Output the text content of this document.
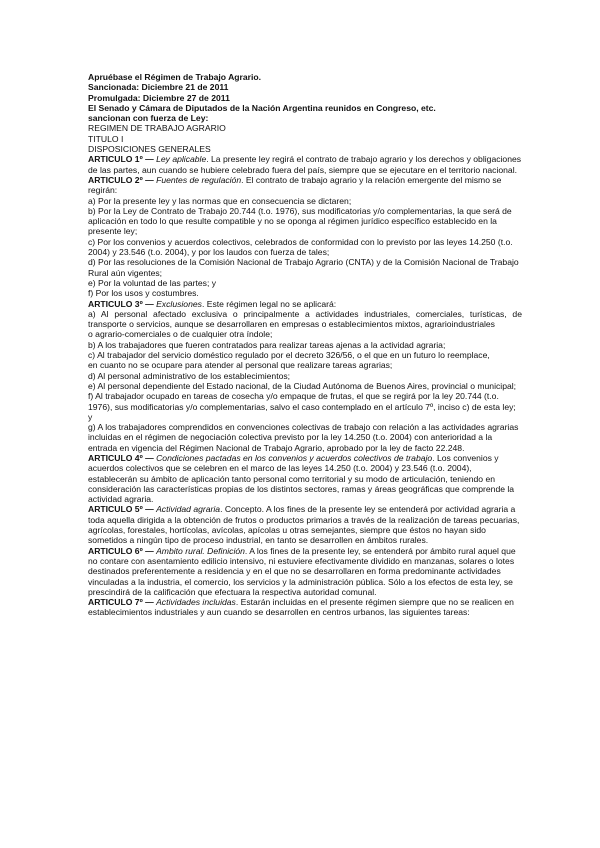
Apruébase el Régimen de Trabajo Agrario.
Sancionada: Diciembre 21 de 2011
Promulgada: Diciembre 27 de 2011
El Senado y Cámara de Diputados de la Nación Argentina reunidos en Congreso, etc.
sancionan con fuerza de Ley:
REGIMEN DE TRABAJO AGRARIO
TITULO I
DISPOSICIONES GENERALES

ARTICULO 1º — Ley aplicable. La presente ley regirá el contrato de trabajo agrario y los derechos y obligaciones de las partes, aun cuando se hubiere celebrado fuera del país, siempre que se ejecutare en el territorio nacional.

ARTICULO 2º — Fuentes de regulación. El contrato de trabajo agrario y la relación emergente del mismo se regirán:

a) Por la presente ley y las normas que en consecuencia se dictaren;

b) Por la Ley de Contrato de Trabajo 20.744 (t.o. 1976), sus modificatorias y/o complementarias, la que será de aplicación en todo lo que resulte compatible y no se oponga al régimen jurídico específico establecido en la presente ley;

c) Por los convenios y acuerdos colectivos, celebrados de conformidad con lo previsto por las leyes 14.250 (t.o. 2004) y 23.546 (t.o. 2004), y por los laudos con fuerza de tales;

d) Por las resoluciones de la Comisión Nacional de Trabajo Agrario (CNTA) y de la Comisión Nacional de Trabajo Rural aún vigentes;

e) Por la voluntad de las partes; y

f) Por los usos y costumbres.

ARTICULO 3º — Exclusiones. Este régimen legal no se aplicará:

a) Al personal afectado exclusiva o principalmente a actividades industriales, comerciales, turísticas, de transporte o servicios, aunque se desarrollaren en empresas o establecimientos mixtos, agrarioindustriales

o agrario-comerciales o de cualquier otra índole;

b) A los trabajadores que fueren contratados para realizar tareas ajenas a la actividad agraria;

c) Al trabajador del servicio doméstico regulado por el decreto 326/56, o el que en un futuro lo reemplace,

en cuanto no se ocupare para atender al personal que realizare tareas agrarias;

d) Al personal administrativo de los establecimientos;

e) Al personal dependiente del Estado nacional, de la Ciudad Autónoma de Buenos Aires, provincial o municipal;

f) Al trabajador ocupado en tareas de cosecha y/o empaque de frutas, el que se regirá por la ley 20.744 (t.o. 1976), sus modificatorias y/o complementarias, salvo el caso contemplado en el artículo 7º, inciso c) de esta ley; y

g) A los trabajadores comprendidos en convenciones colectivas de trabajo con relación a las actividades agrarias incluidas en el régimen de negociación colectiva previsto por la ley 14.250 (t.o. 2004) con anterioridad a la entrada en vigencia del Régimen Nacional de Trabajo Agrario, aprobado por la ley de facto 22.248.

ARTICULO 4º — Condiciones pactadas en los convenios y acuerdos colectivos de trabajo. Los convenios y acuerdos colectivos que se celebren en el marco de las leyes 14.250 (t.o. 2004) y 23.546 (t.o. 2004), establecerán su ámbito de aplicación tanto personal como territorial y su modo de articulación, teniendo en consideración las características propias de los distintos sectores, ramas y áreas geográficas que comprende la actividad agraria.

ARTICULO 5º — Actividad agraria. Concepto. A los fines de la presente ley se entenderá por actividad agraria a toda aquella dirigida a la obtención de frutos o productos primarios a través de la realización de tareas pecuarias, agrícolas, forestales, hortícolas, avícolas, apícolas u otras semejantes, siempre que éstos no hayan sido sometidos a ningún tipo de proceso industrial, en tanto se desarrollen en ámbitos rurales.

ARTICULO 6º — Ambito rural. Definición. A los fines de la presente ley, se entenderá por ámbito rural aquel que no contare con asentamiento edilicio intensivo, ni estuviere efectivamente dividido en manzanas, solares o lotes destinados preferentemente a residencia y en el que no se desarrollaren en forma predominante actividades vinculadas a la industria, el comercio, los servicios y la administración pública. Sólo a los efectos de esta ley, se prescindirá de la calificación que efectuara la respectiva autoridad comunal.

ARTICULO 7º — Actividades incluidas. Estarán incluidas en el presente régimen siempre que no se realicen en establecimientos industriales y aun cuando se desarrollen en centros urbanos, las siguientes tareas:
